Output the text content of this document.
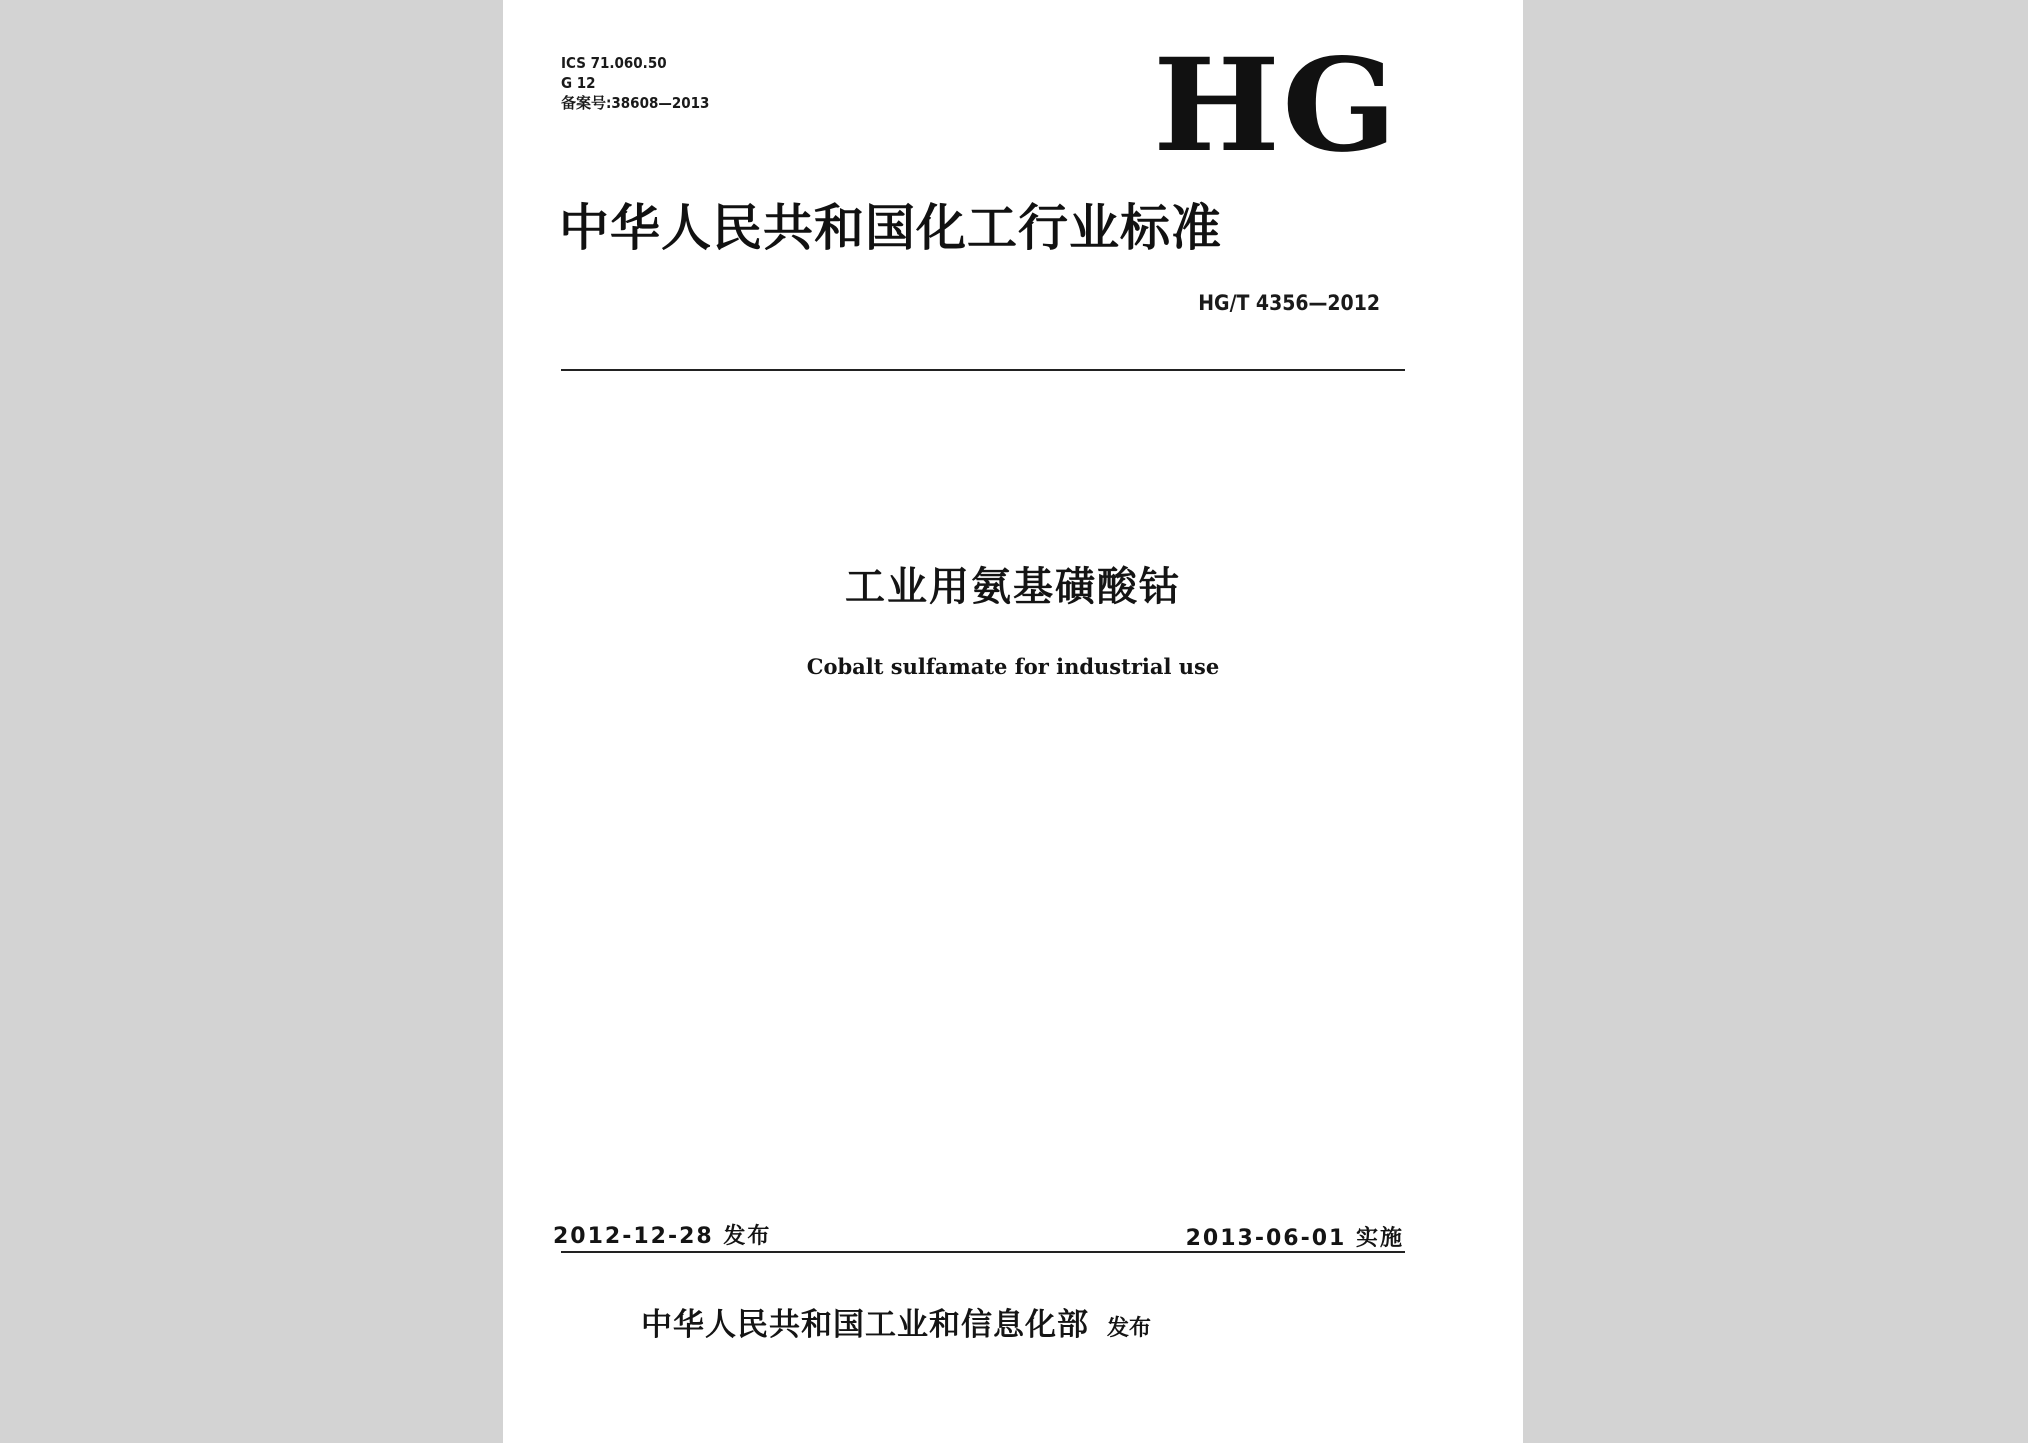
ICS 71.060.50
G 12
备案号:38608—2013	HG
中华人民共和国化工行业标准
HG/T 4356—2012
工业用氨基磺酸钴
Cobalt sulfamate for industrial use
2012-12-28 发布	2013-06-01 实施
中华人民共和国工业和信息化部 发布
